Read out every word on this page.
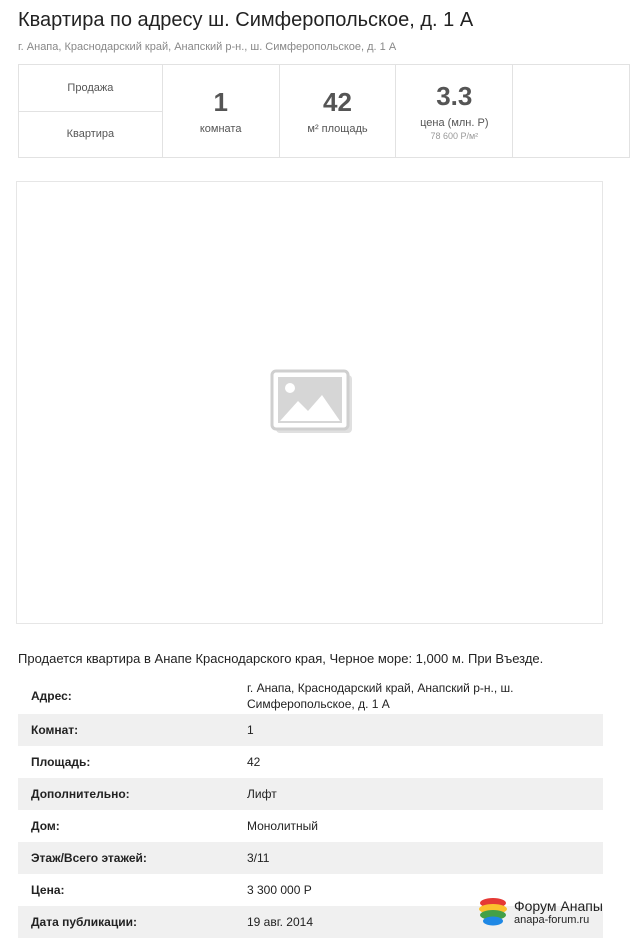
Квартира по адресу ш. Симферопольское, д. 1 А
г. Анапа, Краснодарский край, Анапский р-н., ш. Симферопольское, д. 1 А
Продажа
Квартира
1
комната
42
м² площадь
3.3
цена (млн. Р)
78 600 Р/м²
Продается квартира в Анапе Краснодарского края, Черное море: 1,000 м. При Въезде.
Адрес:
г. Анапа, Краснодарский край, Анапский р-н., ш. Симферопольское, д. 1 А
Комнат:	1
Площадь:	42
Дополнительно:	Лифт
Дом:	Монолитный
Этаж/Всего этажей:	3/11
Цена:	3 300 000 Р
Дата публикации:	19 авг. 2014
Форум Анапы
anapa-forum.ru
